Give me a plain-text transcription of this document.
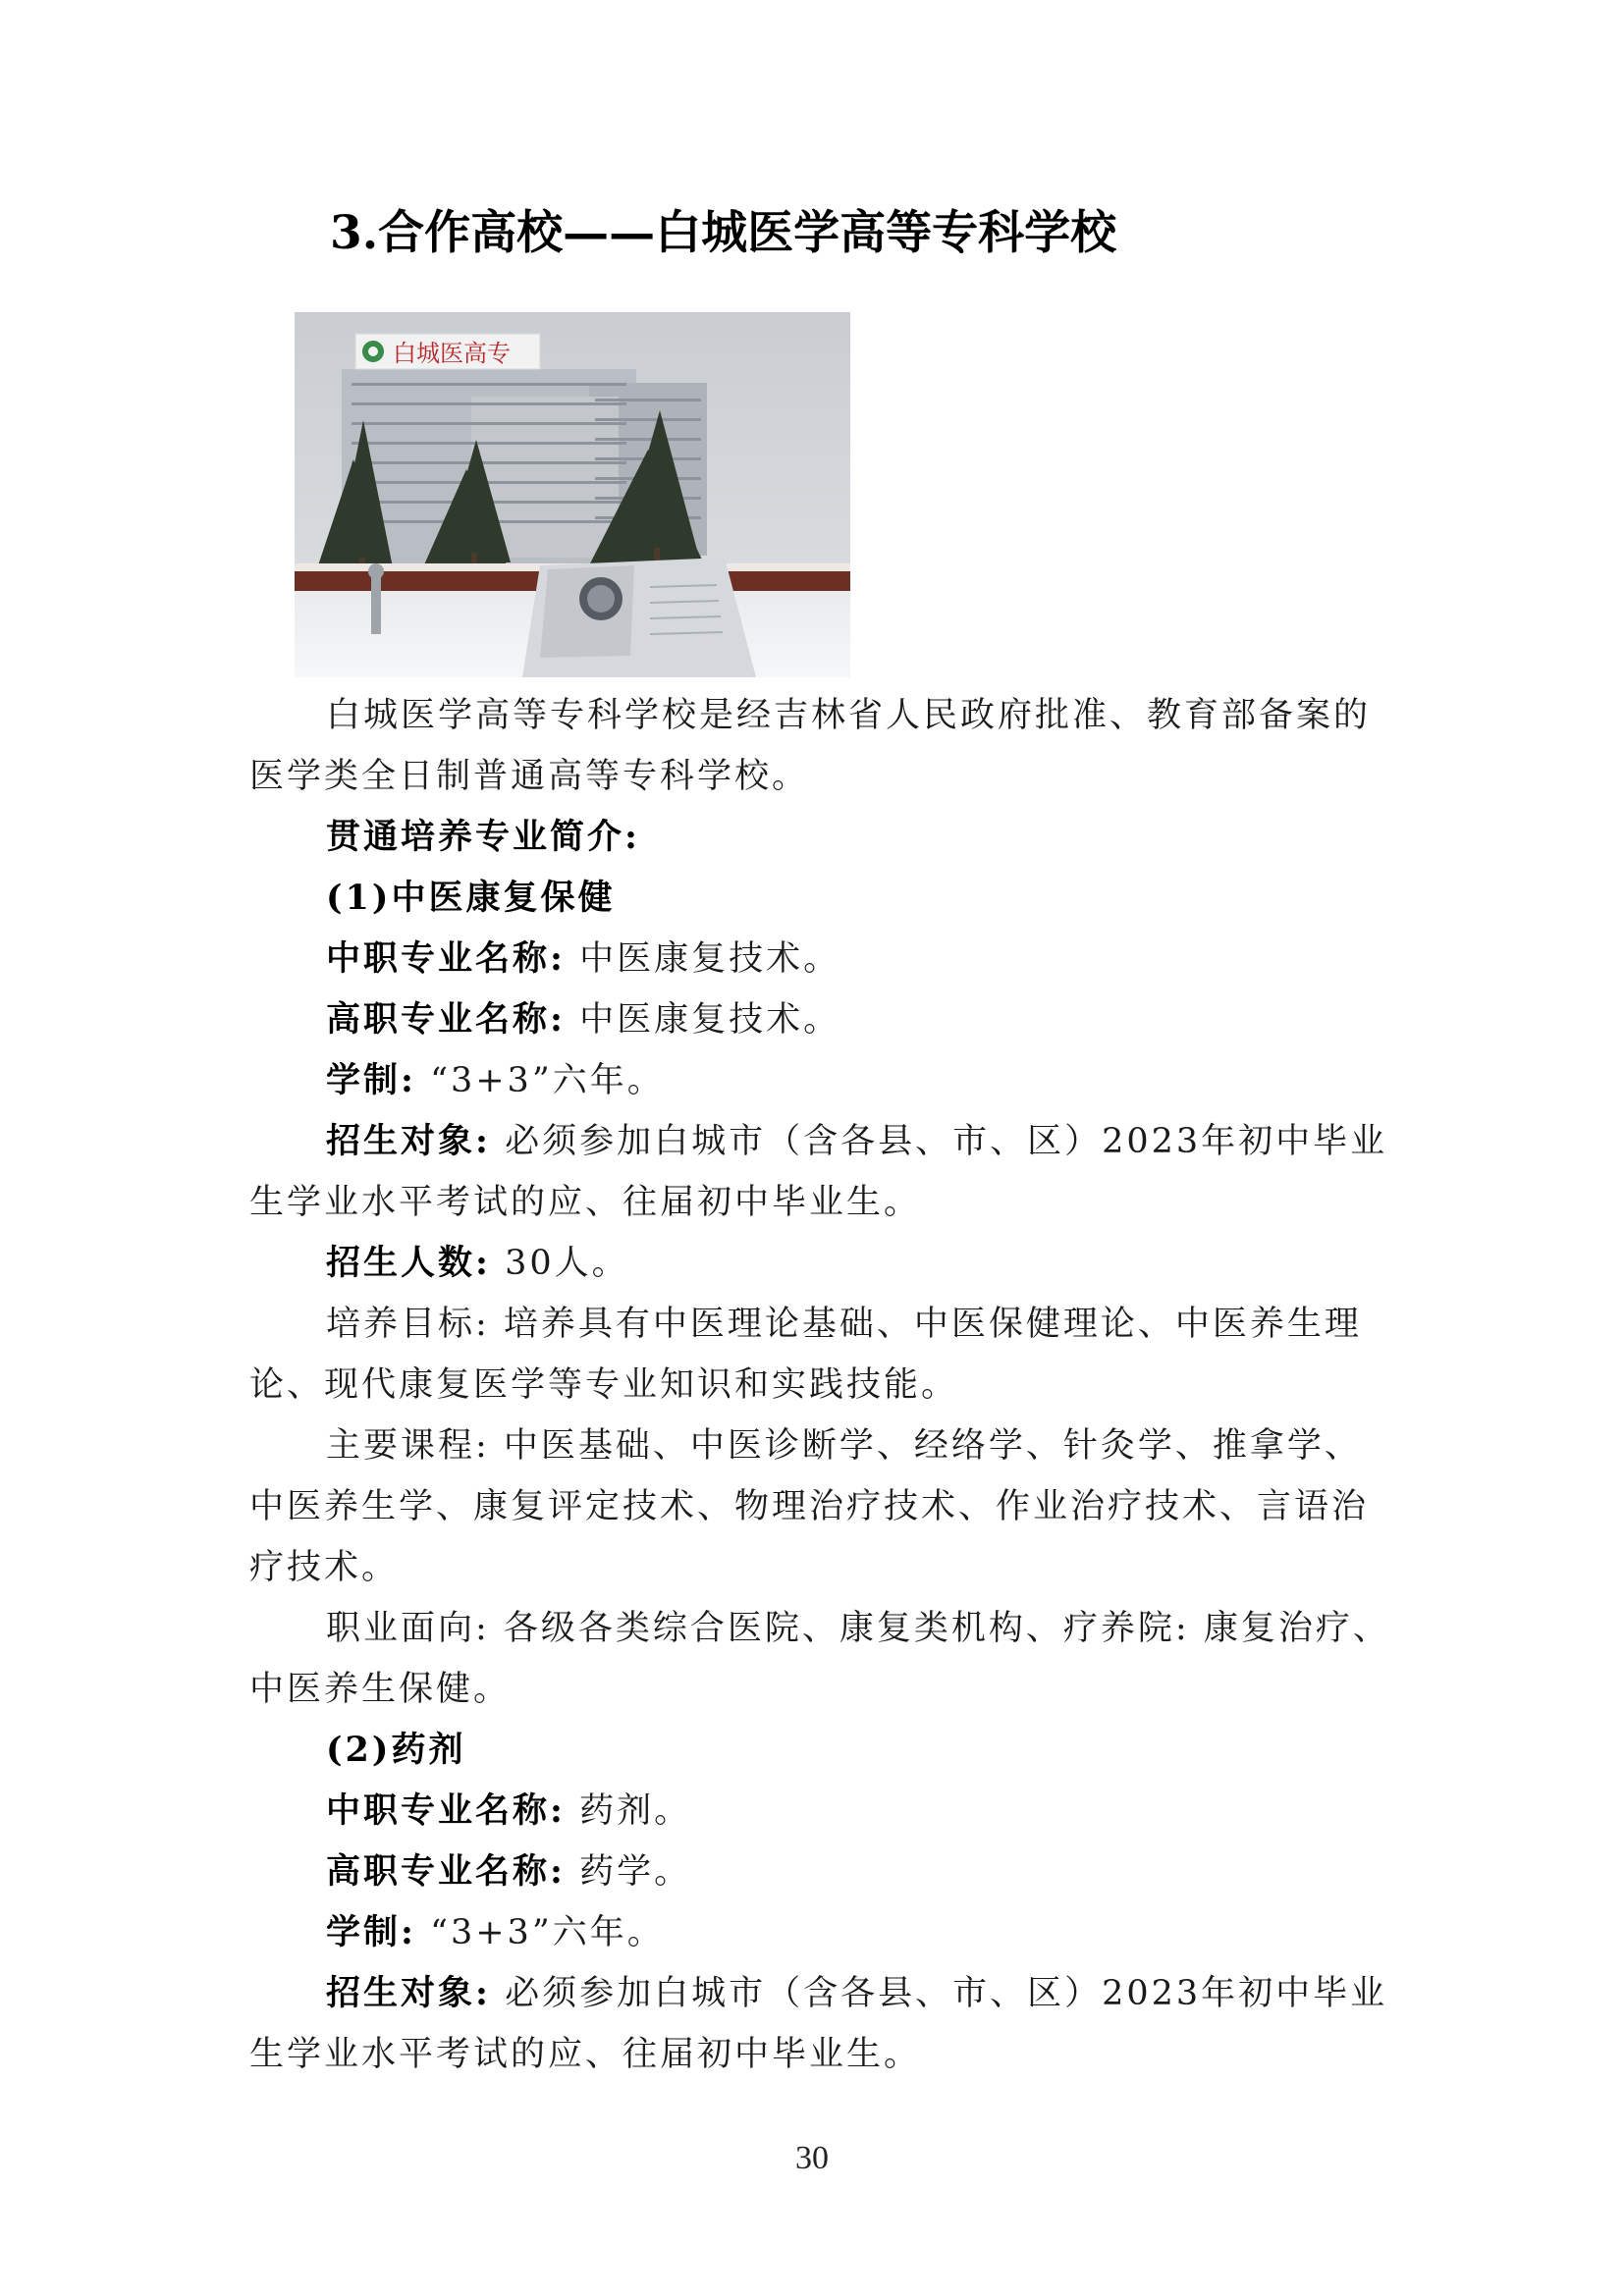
3.合作高校——白城医学高等专科学校
白城医高专
白城医学高等专科学校是经吉林省人民政府批准、教育部备案的
医学类全日制普通高等专科学校。
贯通培养专业简介:
(1)中医康复保健
中职专业名称: 中医康复技术。
高职专业名称: 中医康复技术。
学制: “3+3”六年。
招生对象: 必须参加白城市（含各县、市、区）2023年初中毕业
生学业水平考试的应、往届初中毕业生。
招生人数: 30人。
培养目标: 培养具有中医理论基础、中医保健理论、中医养生理
论、现代康复医学等专业知识和实践技能。
主要课程: 中医基础、中医诊断学、经络学、针灸学、推拿学、
中医养生学、康复评定技术、物理治疗技术、作业治疗技术、言语治
疗技术。
职业面向: 各级各类综合医院、康复类机构、疗养院: 康复治疗、
中医养生保健。
(2)药剂
中职专业名称: 药剂。
高职专业名称: 药学。
学制: “3+3”六年。
招生对象: 必须参加白城市（含各县、市、区）2023年初中毕业
生学业水平考试的应、往届初中毕业生。
30
